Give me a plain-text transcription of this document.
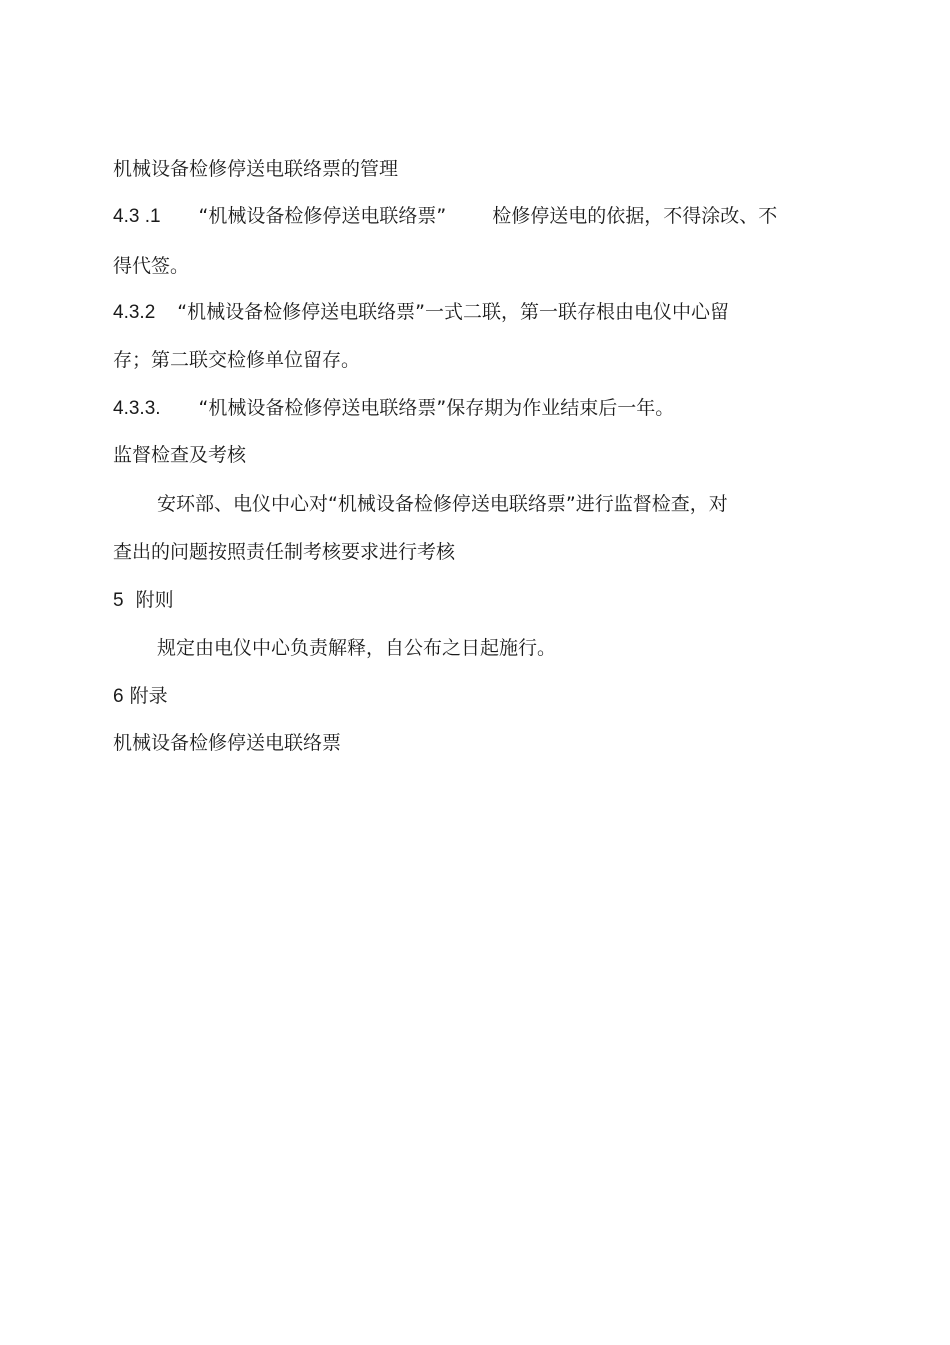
机械设备检修停送电联络票的管理
4.3 .1 “机械设备检修停送电联络票” 检修停送电的依据，不得涂改、不
得代签。
4.3.2 “机械设备检修停送电联络票”一式二联，第一联存根由电仪中心留
存；第二联交检修单位留存。
4.3.3. “机械设备检修停送电联络票”保存期为作业结束后一年。
监督检查及考核
安环部、电仪中心对“机械设备检修停送电联络票”进行监督检查，对
查出的问题按照责任制考核要求进行考核
5 附则
规定由电仪中心负责解释，自公布之日起施行。
6 附录
机械设备检修停送电联络票
